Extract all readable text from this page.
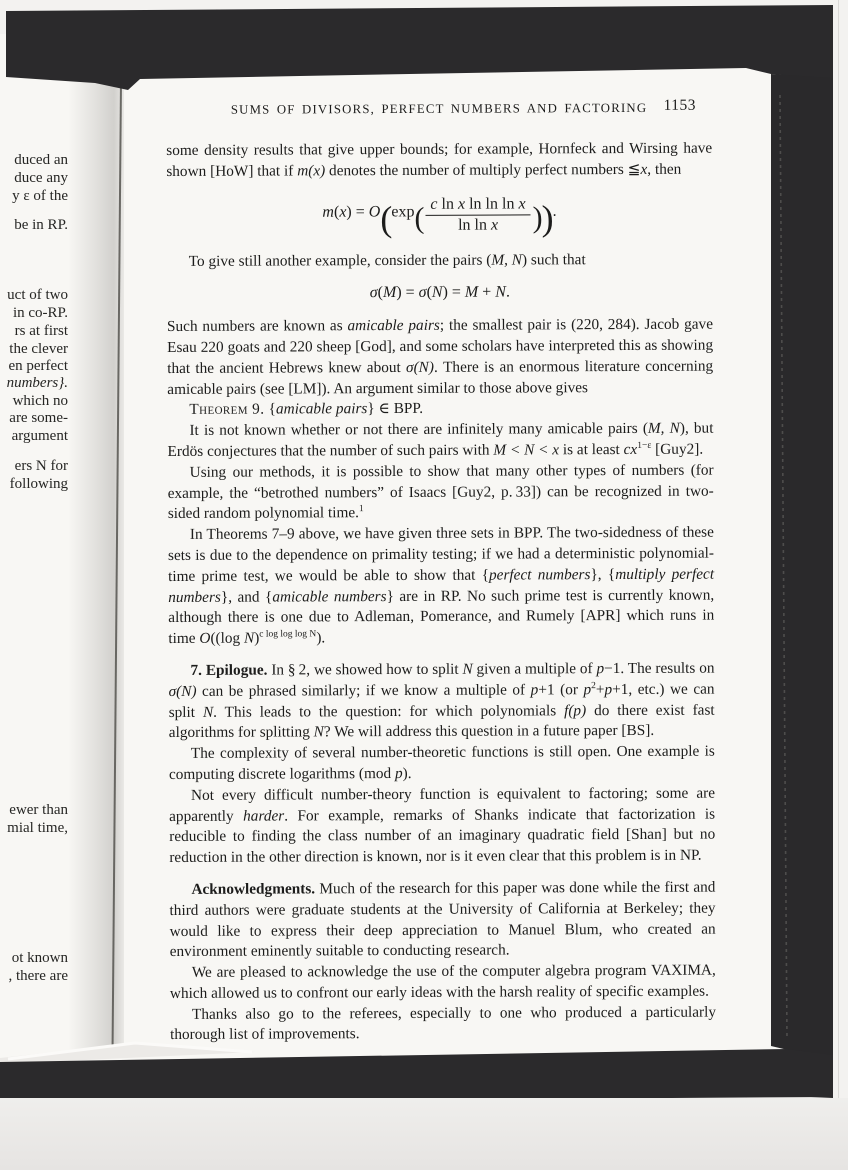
duced an
duce any
y ε of the
be in RP.
uct of two
in co-RP.
rs at first
the clever
en perfect
numbers}.
which no
are some-
argument
ers N for
following
ewer than
mial time,
ot known
, there are
SUMS OF DIVISORS, PERFECT NUMBERS AND FACTORING 1153
some density results that give upper bounds; for example, Hornfeck and Wirsing have shown [HoW] that if m(x) denotes the number of multiply perfect numbers ≦x, then
$m(x) = O(\exp( \frac{\text{c ln x ln ln ln x}}{\text{ln ln x}}$ )).
To give still another example, consider the pairs (M, N) such that
σ(M) = σ(N) = M + N.
Such numbers are known as amicable pairs; the smallest pair is (220, 284). Jacob gave Esau 220 goats and 220 sheep [God], and some scholars have interpreted this as showing that the ancient Hebrews knew about σ(N). There is an enormous literature concerning amicable pairs (see [LM]). An argument similar to those above gives
Theorem 9. {amicable pairs} ∈ BPP.
It is not known whether or not there are infinitely many amicable pairs (M, N), but Erdös conjectures that the number of such pairs with M < N < x is at least $cx^{1-\varepsilon}$ [Guy2].
Using our methods, it is possible to show that many other types of numbers (for example, the “betrothed numbers” of Isaacs [Guy2, p. 33]) can be recognized in two-sided random polynomial time.$^1$
In Theorems 7–9 above, we have given three sets in BPP. The two-sidedness of these sets is due to the dependence on primality testing; if we had a deterministic polynomial-time prime test, we would be able to show that {perfect numbers}, {multiply perfect numbers}, and {amicable numbers} are in RP. No such prime test is currently known, although there is one due to Adleman, Pomerance, and Rumely [APR] which runs in time O((log N)$^{c log log log N}$).
7. Epilogue. In § 2, we showed how to split N given a multiple of p−1. The results on σ(N) can be phrased similarly; if we know a multiple of p+1 (or $p^2+p+1$, etc.) we can split N. This leads to the question: for which polynomials f(p) do there exist fast algorithms for splitting N? We will address this question in a future paper [BS].
The complexity of several number-theoretic functions is still open. One example is computing discrete logarithms (mod p).
Not every difficult number-theory function is equivalent to factoring; some are apparently harder. For example, remarks of Shanks indicate that factorization is reducible to finding the class number of an imaginary quadratic field [Shan] but no reduction in the other direction is known, nor is it even clear that this problem is in NP.
Acknowledgments. Much of the research for this paper was done while the first and third authors were graduate students at the University of California at Berkeley; they would like to express their deep appreciation to Manuel Blum, who created an environment eminently suitable to conducting research.
We are pleased to acknowledge the use of the computer algebra program VAXIMA, which allowed us to confront our early ideas with the harsh reality of specific examples.
Thanks also go to the referees, especially to one who produced a particularly thorough list of improvements.
